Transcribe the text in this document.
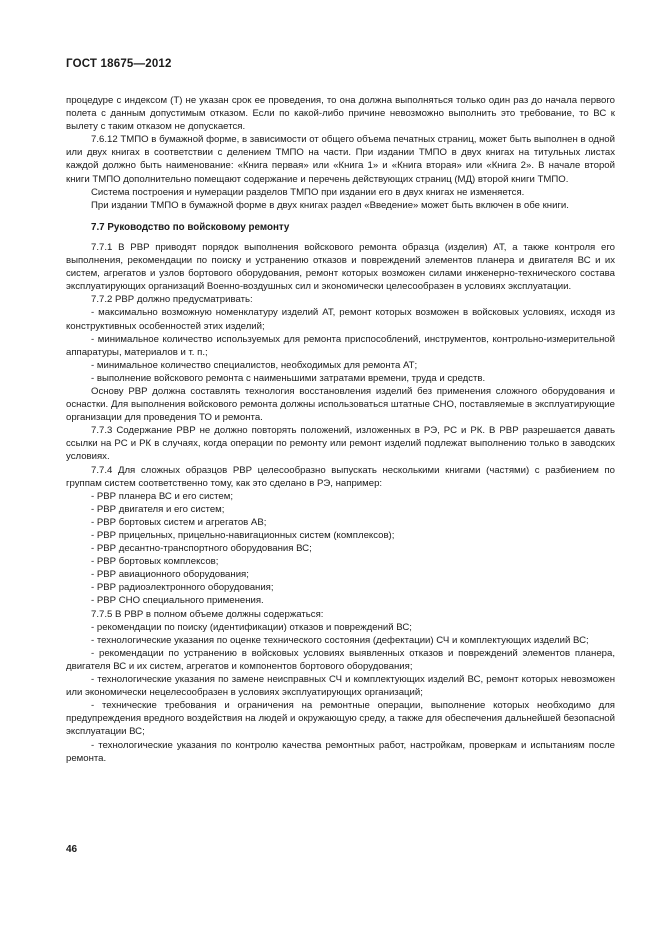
ГОСТ 18675—2012

процедуре с индексом (Т) не указан срок ее проведения, то она должна выполняться только один раз до начала первого полета с данным допустимым отказом. Если по какой-либо причине невозможно выполнить это требование, то ВС к вылету с таким отказом не допускается.

7.6.12 ТМПО в бумажной форме, в зависимости от общего объема печатных страниц, может быть выполнен в одной или двух книгах в соответствии с делением ТМПО на части. При издании ТМПО в двух книгах на титульных листах каждой должно быть наименование: «Книга первая» или «Книга 1» и «Книга вторая» или «Книга 2». В начале второй книги ТМПО дополнительно помещают содержание и перечень действующих страниц (МД) второй книги ТМПО.

Система построения и нумерации разделов ТМПО при издании его в двух книгах не изменяется.

При издании ТМПО в бумажной форме в двух книгах раздел «Введение» может быть включен в обе книги.

7.7 Руководство по войсковому ремонту

7.7.1 В РВР приводят порядок выполнения войскового ремонта образца (изделия) АТ, а также контроля его выполнения, рекомендации по поиску и устранению отказов и повреждений элементов планера и двигателя ВС и их систем, агрегатов и узлов бортового оборудования, ремонт которых возможен силами инженерно-технического состава эксплуатирующих организаций Военно-воздушных сил и экономически целесообразен в условиях эксплуатации.

7.7.2 РВР должно предусматривать:

- максимально возможную номенклатуру изделий АТ, ремонт которых возможен в войсковых условиях, исходя из конструктивных особенностей этих изделий;

- минимальное количество используемых для ремонта приспособлений, инструментов, контрольно-измерительной аппаратуры, материалов и т. п.;

- минимальное количество специалистов, необходимых для ремонта АТ;

- выполнение войскового ремонта с наименьшими затратами времени, труда и средств.

Основу РВР должна составлять технология восстановления изделий без применения сложного оборудования и оснастки. Для выполнения войскового ремонта должны использоваться штатные СНО, поставляемые в эксплуатирующие организации для проведения ТО и ремонта.

7.7.3 Содержание РВР не должно повторять положений, изложенных в РЭ, РС и РК. В РВР разрешается давать ссылки на РС и РК в случаях, когда операции по ремонту или ремонт изделий подлежат выполнению только в заводских условиях.

7.7.4 Для сложных образцов РВР целесообразно выпускать несколькими книгами (частями) с разбиением по группам систем соответственно тому, как это сделано в РЭ, например:

- РВР планера ВС и его систем;

- РВР двигателя и его систем;

- РВР бортовых систем и агрегатов АВ;

- РВР прицельных, прицельно-навигационных систем (комплексов);

- РВР десантно-транспортного оборудования ВС;

- РВР бортовых комплексов;

- РВР авиационного оборудования;

- РВР радиоэлектронного оборудования;

- РВР СНО специального применения.

7.7.5 В РВР в полном объеме должны содержаться:

- рекомендации по поиску (идентификации) отказов и повреждений ВС;

- технологические указания по оценке технического состояния (дефектации) СЧ и комплектующих изделий ВС;

- рекомендации по устранению в войсковых условиях выявленных отказов и повреждений элементов планера, двигателя ВС и их систем, агрегатов и компонентов бортового оборудования;

- технологические указания по замене неисправных СЧ и комплектующих изделий ВС, ремонт которых невозможен или экономически нецелесообразен в условиях эксплуатирующих организаций;

- технические требования и ограничения на ремонтные операции, выполнение которых необходимо для предупреждения вредного воздействия на людей и окружающую среду, а также для обеспечения дальнейшей безопасной эксплуатации ВС;

- технологические указания по контролю качества ремонтных работ, настройкам, проверкам и испытаниям после ремонта.

46
